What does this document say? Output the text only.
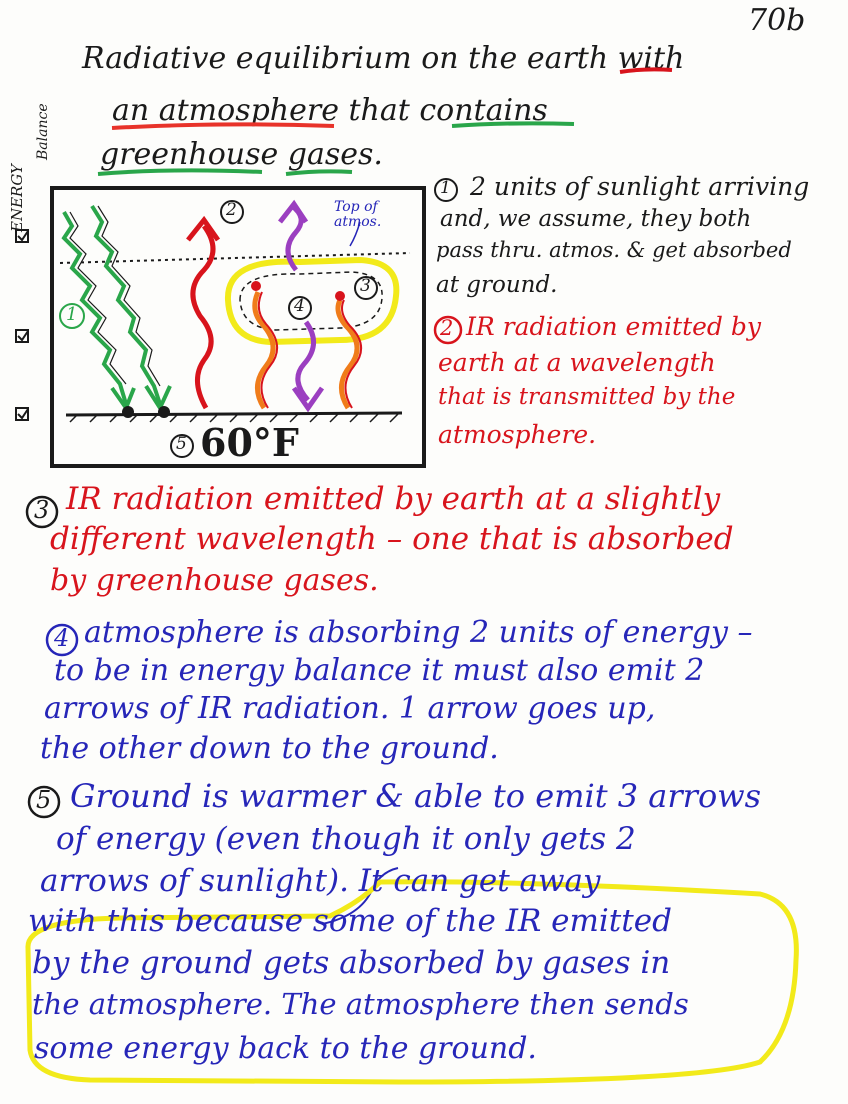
70b
Radiative equilibrium on the earth with
an atmosphere that contains
greenhouse gases.
ENERGY
Balance
1
2
3
4
5
Top of atmos.
60°F
1 2 units of sunlight arriving
and, we assume, they both
pass thru. atmos. & get absorbed
at ground.
2 IR radiation emitted by
earth at a wavelength
that is transmitted by the
atmosphere.
3 IR radiation emitted by earth at a slightly
different wavelength – one that is absorbed
by greenhouse gases.
4 atmosphere is absorbing 2 units of energy –
to be in energy balance it must also emit 2
arrows of IR radiation. 1 arrow goes up,
the other down to the ground.
5 Ground is warmer & able to emit 3 arrows
of energy (even though it only gets 2
arrows of sunlight). It can get away
with this because some of the IR emitted
by the ground gets absorbed by gases in
the atmosphere. The atmosphere then sends
some energy back to the ground.
